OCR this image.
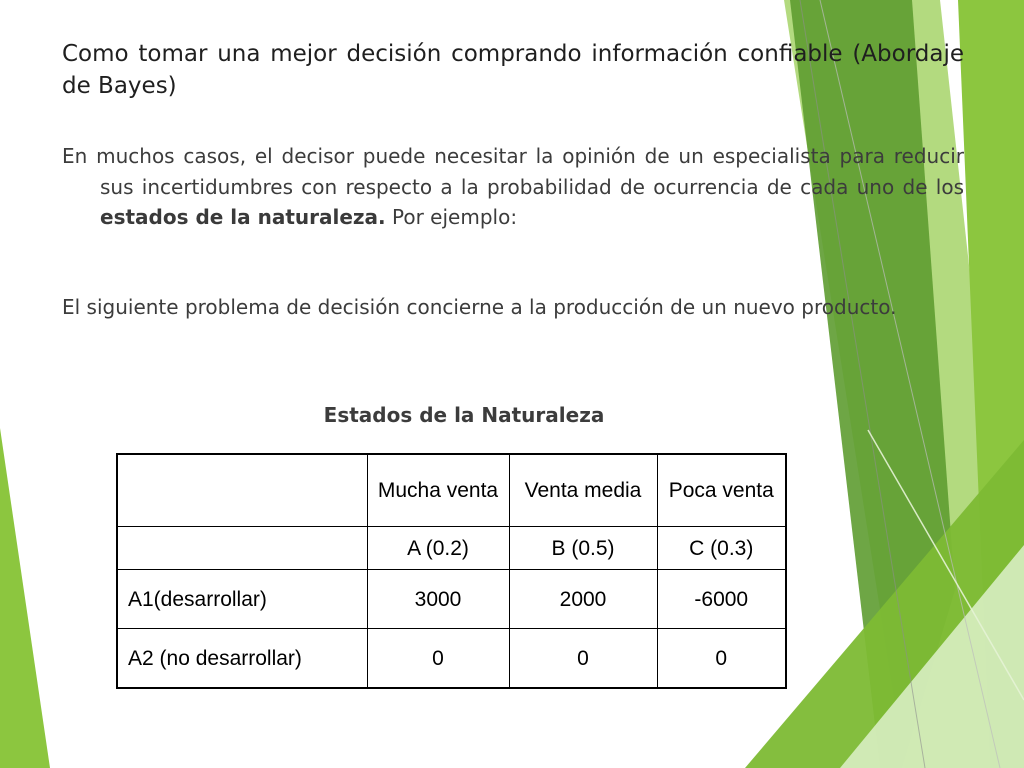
Como tomar una mejor decisión comprando información confiable (Abordaje de Bayes)

En muchos casos, el decisor puede necesitar la opinión de un especialista para reducir sus incertidumbres con respecto a la probabilidad de ocurrencia de cada uno de los estados de la naturaleza. Por ejemplo:

El siguiente problema de decisión concierne a la producción de un nuevo producto.

Estados de la Naturaleza
	Mucha venta	Venta media	Poca venta
	A (0.2)	B (0.5)	C (0.3)
A1(desarrollar)	3000	2000	-6000
A2 (no desarrollar)	0	0	0
